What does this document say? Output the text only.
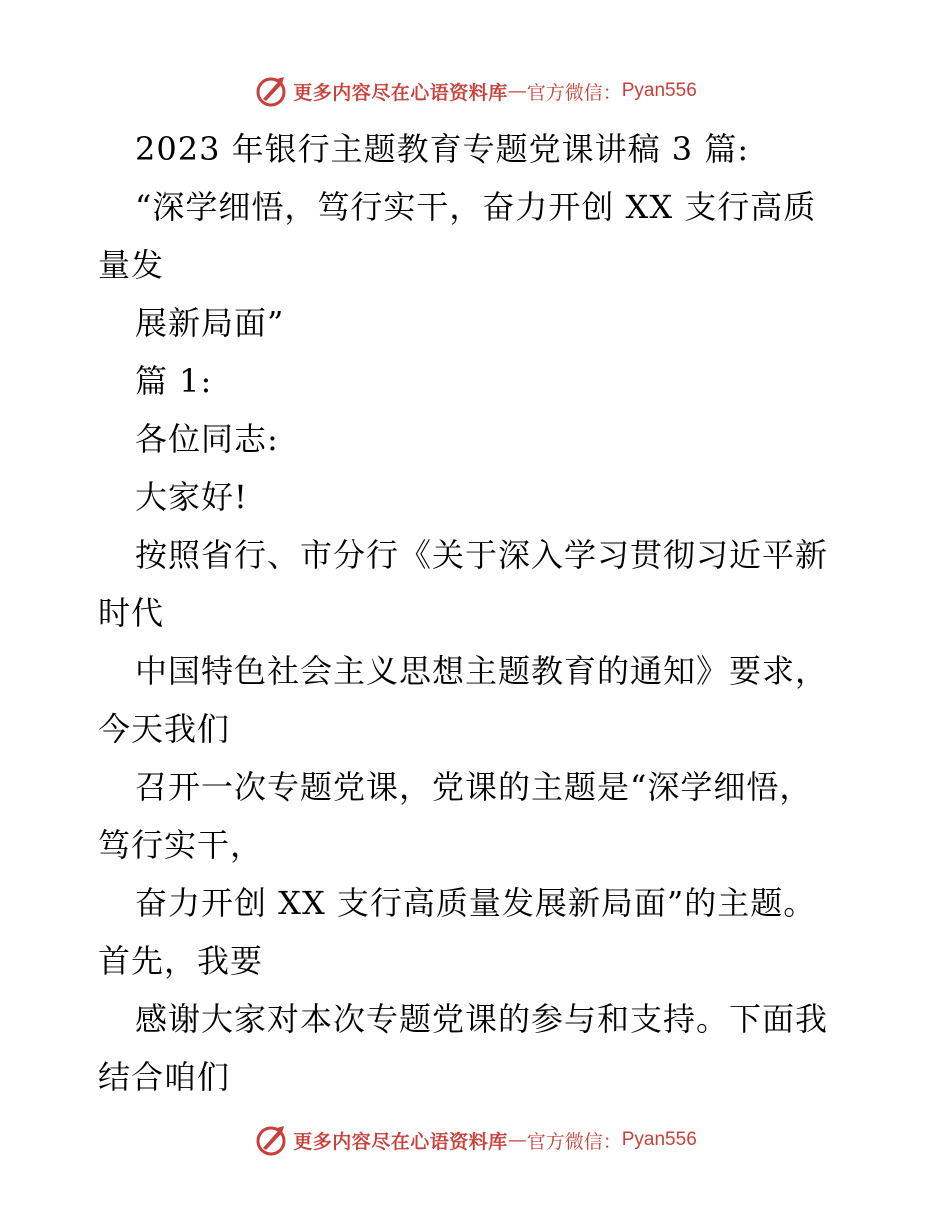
更多内容尽在心语资料库 — 官方微信： Pyan556
2023 年银行主题教育专题党课讲稿 3 篇:
“深学细悟，笃行实干，奋力开创 XX 支行高质
量发
展新局面”
篇 1:
各位同志:
大家好!
按照省行、市分行《关于深入学习贯彻习近平新
时代
中国特色社会主义思想主题教育的通知》要求，
今天我们
召开一次专题党课，党课的主题是“深学细悟，
笃行实干，
奋力开创 XX 支行高质量发展新局面”的主题。
首先，我要
感谢大家对本次专题党课的参与和支持。下面我
结合咱们
更多内容尽在心语资料库 — 官方微信： Pyan556
